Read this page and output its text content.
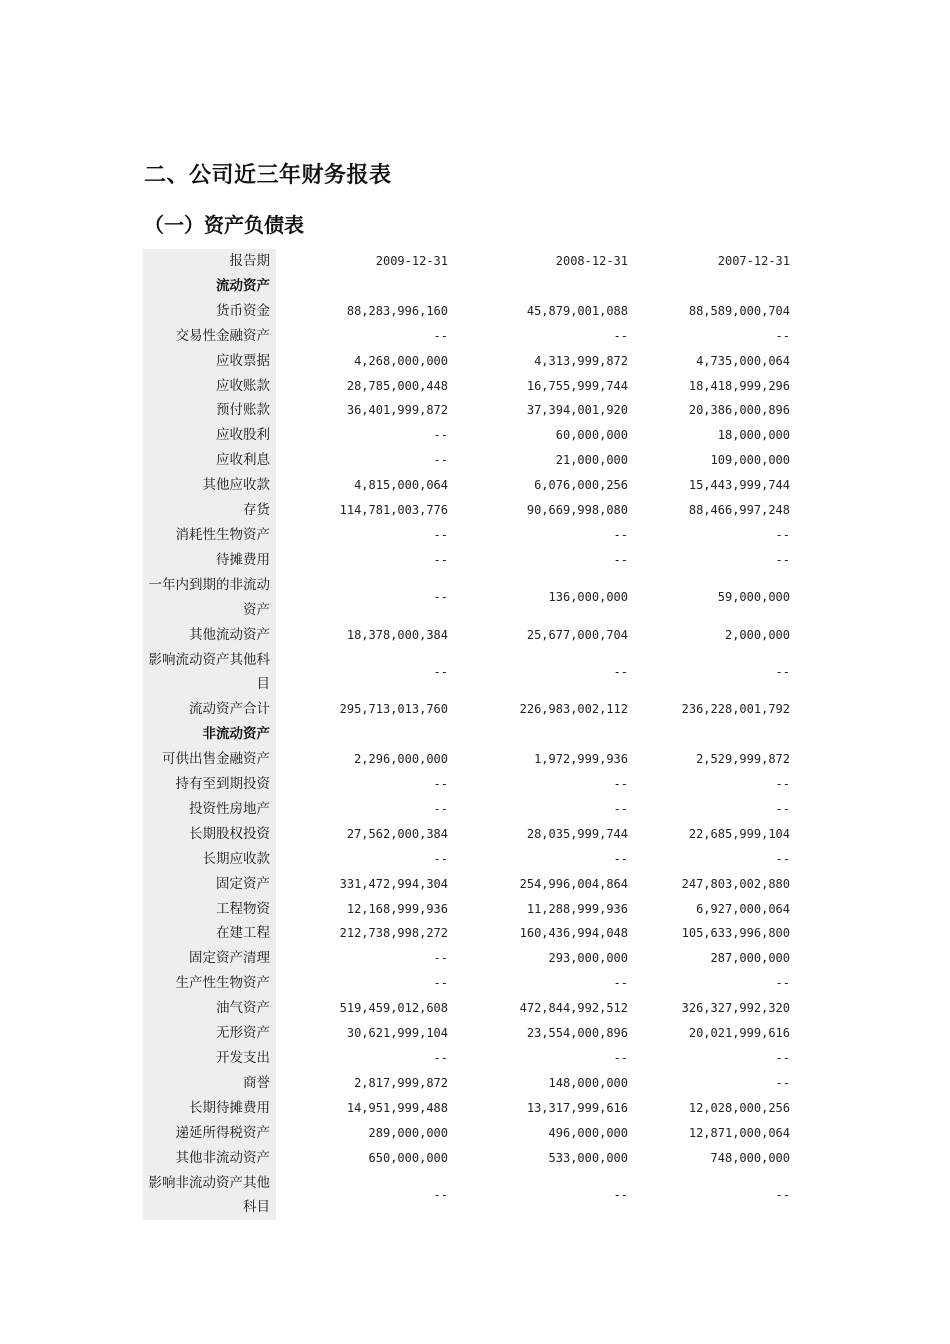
二、公司近三年财务报表
（一）资产负债表
报告期	2009-12-31	2008-12-31	2007-12-31
流动资产			
货币资金	88,283,996,160	45,879,001,088	88,589,000,704
交易性金融资产	--	--	--
应收票据	4,268,000,000	4,313,999,872	4,735,000,064
应收账款	28,785,000,448	16,755,999,744	18,418,999,296
预付账款	36,401,999,872	37,394,001,920	20,386,000,896
应收股利	--	60,000,000	18,000,000
应收利息	--	21,000,000	109,000,000
其他应收款	4,815,000,064	6,076,000,256	15,443,999,744
存货	114,781,003,776	90,669,998,080	88,466,997,248
消耗性生物资产	--	--	--
待摊费用	--	--	--
一年内到期的非流动资产	--	136,000,000	59,000,000
其他流动资产	18,378,000,384	25,677,000,704	2,000,000
影响流动资产其他科目	--	--	--
流动资产合计	295,713,013,760	226,983,002,112	236,228,001,792
非流动资产			
可供出售金融资产	2,296,000,000	1,972,999,936	2,529,999,872
持有至到期投资	--	--	--
投资性房地产	--	--	--
长期股权投资	27,562,000,384	28,035,999,744	22,685,999,104
长期应收款	--	--	--
固定资产	331,472,994,304	254,996,004,864	247,803,002,880
工程物资	12,168,999,936	11,288,999,936	6,927,000,064
在建工程	212,738,998,272	160,436,994,048	105,633,996,800
固定资产清理	--	293,000,000	287,000,000
生产性生物资产	--	--	--
油气资产	519,459,012,608	472,844,992,512	326,327,992,320
无形资产	30,621,999,104	23,554,000,896	20,021,999,616
开发支出	--	--	--
商誉	2,817,999,872	148,000,000	--
长期待摊费用	14,951,999,488	13,317,999,616	12,028,000,256
递延所得税资产	289,000,000	496,000,000	12,871,000,064
其他非流动资产	650,000,000	533,000,000	748,000,000
影响非流动资产其他科目	--	--	--
